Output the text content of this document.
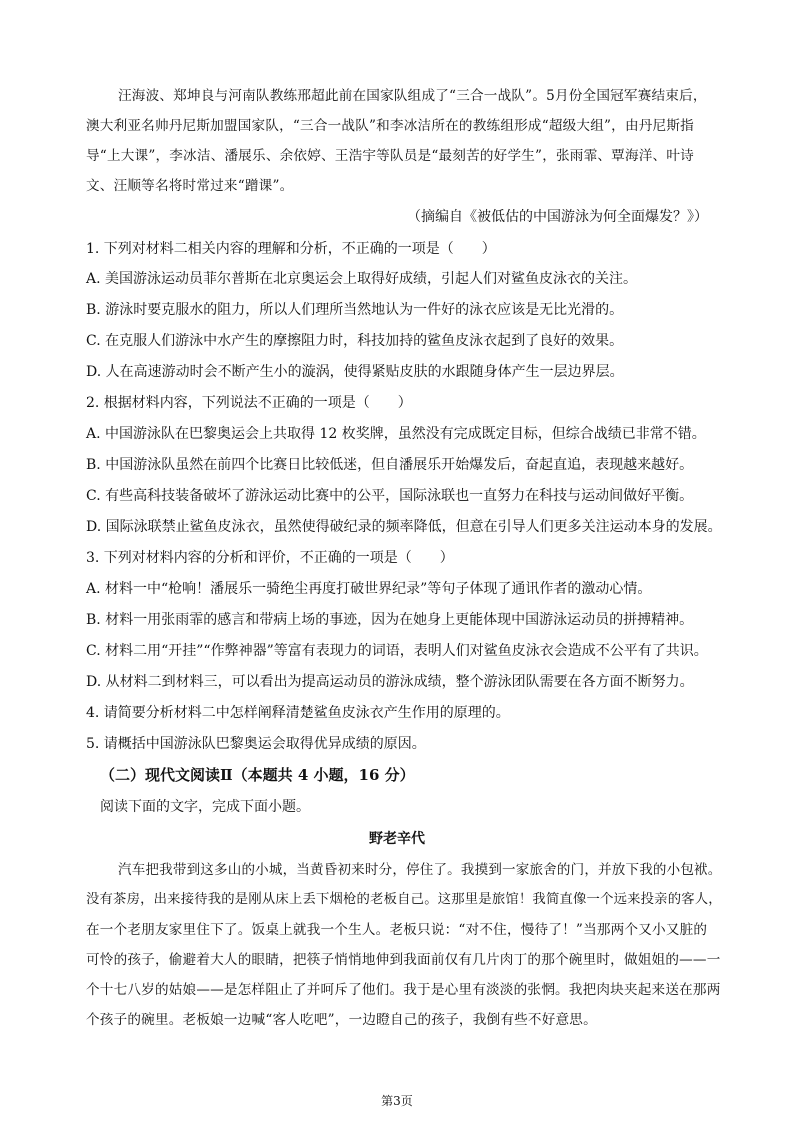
汪海波、郑坤良与河南队教练邢超此前在国家队组成了“三合一战队”。5月份全国冠军赛结束后，
澳大利亚名帅丹尼斯加盟国家队，“三合一战队”和李冰洁所在的教练组形成“超级大组”，由丹尼斯指
导“上大课”，李冰洁、潘展乐、余依婷、王浩宇等队员是“最刻苦的好学生”，张雨霏、覃海洋、叶诗
文、汪顺等名将时常过来“蹭课”。
（摘编自《被低估的中国游泳为何全面爆发？》）
1. 下列对材料二相关内容的理解和分析，不正确的一项是（　　）
A. 美国游泳运动员菲尔普斯在北京奥运会上取得好成绩，引起人们对鲨鱼皮泳衣的关注。
B. 游泳时要克服水的阻力，所以人们理所当然地认为一件好的泳衣应该是无比光滑的。
C. 在克服人们游泳中水产生的摩擦阻力时，科技加持的鲨鱼皮泳衣起到了良好的效果。
D. 人在高速游动时会不断产生小的漩涡，使得紧贴皮肤的水跟随身体产生一层边界层。
2. 根据材料内容，下列说法不正确的一项是（　　）
A. 中国游泳队在巴黎奥运会上共取得 12 枚奖牌，虽然没有完成既定目标，但综合战绩已非常不错。
B. 中国游泳队虽然在前四个比赛日比较低迷，但自潘展乐开始爆发后，奋起直追，表现越来越好。
C. 有些高科技装备破坏了游泳运动比赛中的公平，国际泳联也一直努力在科技与运动间做好平衡。
D. 国际泳联禁止鲨鱼皮泳衣，虽然使得破纪录的频率降低，但意在引导人们更多关注运动本身的发展。
3. 下列对材料内容的分析和评价，不正确的一项是（　　）
A. 材料一中“枪响！潘展乐一骑绝尘再度打破世界纪录”等句子体现了通讯作者的激动心情。
B. 材料一用张雨霏的感言和带病上场的事迹，因为在她身上更能体现中国游泳运动员的拼搏精神。
C. 材料二用“开挂”“作弊神器”等富有表现力的词语，表明人们对鲨鱼皮泳衣会造成不公平有了共识。
D. 从材料二到材料三，可以看出为提高运动员的游泳成绩，整个游泳团队需要在各方面不断努力。
4. 请简要分析材料二中怎样阐释清楚鲨鱼皮泳衣产生作用的原理的。
5. 请概括中国游泳队巴黎奥运会取得优异成绩的原因。
（二）现代文阅读Ⅱ（本题共 4 小题，16 分）
阅读下面的文字，完成下面小题。
野老辛代
汽车把我带到这多山的小城，当黄昏初来时分，停住了。我摸到一家旅舍的门，并放下我的小包袱。
没有茶房，出来接待我的是刚从床上丢下烟枪的老板自己。这那里是旅馆！我简直像一个远来投亲的客人，
在一个老朋友家里住下了。饭桌上就我一个生人。老板只说：“对不住，慢待了！”当那两个又小又脏的
可怜的孩子，偷避着大人的眼睛，把筷子悄悄地伸到我面前仅有几片肉丁的那个碗里时，做姐姐的——一
个十七八岁的姑娘——是怎样阻止了并呵斥了他们。我于是心里有淡淡的张惘。我把肉块夹起来送在那两
个孩子的碗里。老板娘一边喊“客人吃吧”，一边瞪自己的孩子，我倒有些不好意思。
第3页
